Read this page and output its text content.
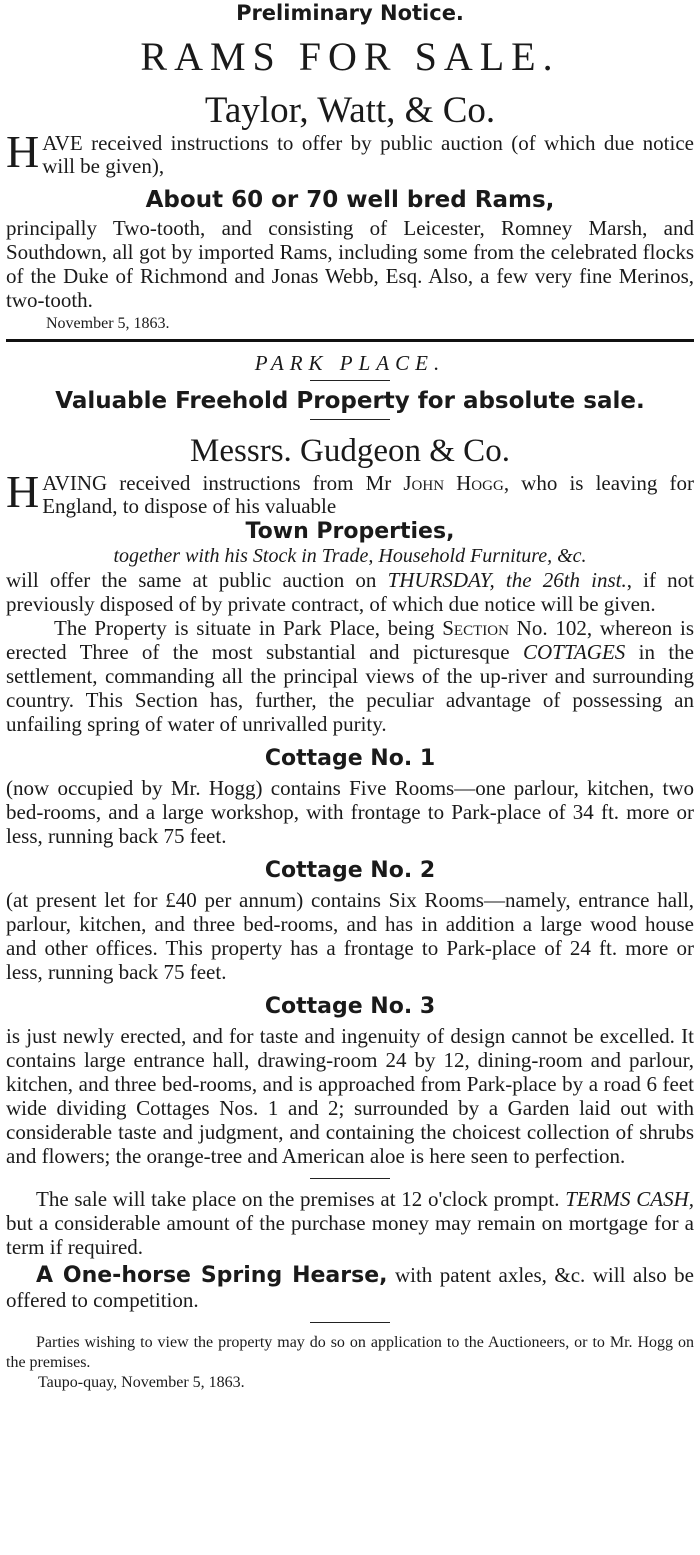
Preliminary Notice.

RAMS FOR SALE.

Taylor, Watt, & Co.

HAVE received instructions to offer by public auction (of which due notice will be given),

About 60 or 70 well bred Rams,

principally Two-tooth, and consisting of Leicester, Romney Marsh, and Southdown, all got by imported Rams, including some from the celebrated flocks of the Duke of Richmond and Jonas Webb, Esq. Also, a few very fine Merinos, two-tooth.

November 5, 1863.

PARK PLACE.

Valuable Freehold Property for absolute sale.

Messrs. Gudgeon & Co.

HAVING received instructions from Mr John Hogg, who is leaving for England, to dispose of his valuable

Town Properties,

together with his Stock in Trade, Household Furniture, &c.

will offer the same at public auction on THURSDAY, the 26th inst., if not previously disposed of by private contract, of which due notice will be given.

The Property is situate in Park Place, being Section No. 102, whereon is erected Three of the most substantial and picturesque COTTAGES in the settlement, commanding all the principal views of the up-river and surrounding country. This Section has, further, the peculiar advantage of possessing an unfailing spring of water of unrivalled purity.

Cottage No. 1

(now occupied by Mr. Hogg) contains Five Rooms—one parlour, kitchen, two bed-rooms, and a large workshop, with frontage to Park-place of 34 ft. more or less, running back 75 feet.

Cottage No. 2

(at present let for £40 per annum) contains Six Rooms—namely, entrance hall, parlour, kitchen, and three bed-rooms, and has in addition a large wood house and other offices. This property has a frontage to Park-place of 24 ft. more or less, running back 75 feet.

Cottage No. 3

is just newly erected, and for taste and ingenuity of design cannot be excelled. It contains large entrance hall, drawing-room 24 by 12, dining-room and parlour, kitchen, and three bed-rooms, and is approached from Park-place by a road 6 feet wide dividing Cottages Nos. 1 and 2; surrounded by a Garden laid out with considerable taste and judgment, and containing the choicest collection of shrubs and flowers; the orange-tree and American aloe is here seen to perfection.

The sale will take place on the premises at 12 o'clock prompt. TERMS CASH, but a considerable amount of the purchase money may remain on mortgage for a term if required.

A One-horse Spring Hearse, with patent axles, &c. will also be offered to competition.

Parties wishing to view the property may do so on application to the Auctioneers, or to Mr. Hogg on the premises.

Taupo-quay, November 5, 1863.
